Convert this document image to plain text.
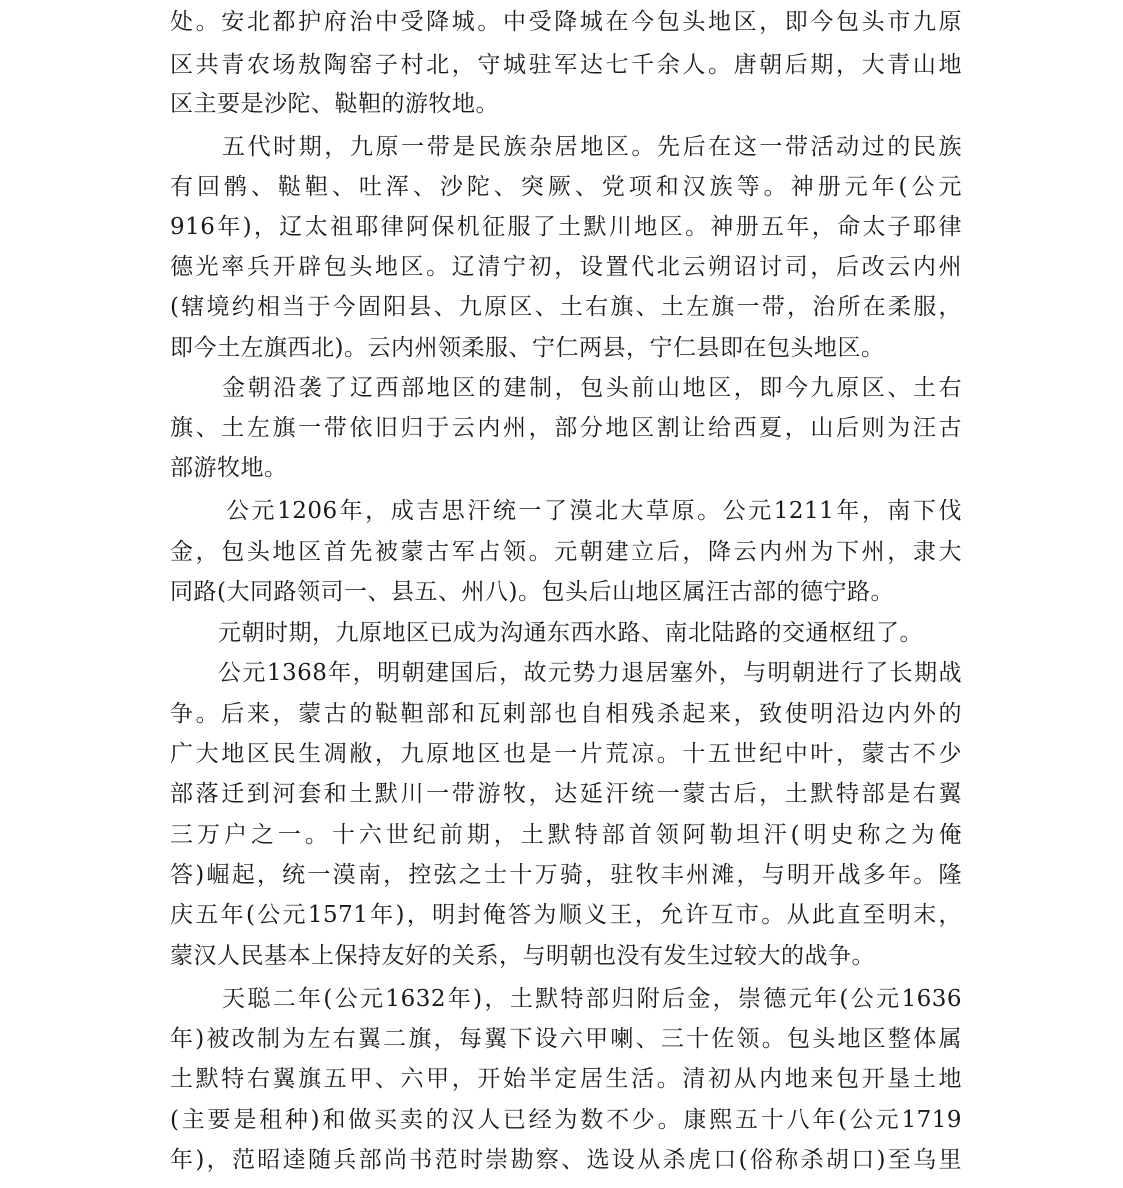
处。安北都护府治中受降城。中受降城在今包头地区，即今包头市九原
区共青农场敖陶窑子村北，守城驻军达七千余人。唐朝后期，大青山地
区主要是沙陀、鞑靼的游牧地。
五代时期，九原一带是民族杂居地区。先后在这一带活动过的民族
有回鹘、鞑靼、吐浑、沙陀、突厥、党项和汉族等。神册元年(公元
916年)，辽太祖耶律阿保机征服了土默川地区。神册五年，命太子耶律
德光率兵开辟包头地区。辽清宁初，设置代北云朔诏讨司，后改云内州
(辖境约相当于今固阳县、九原区、土右旗、土左旗一带，治所在柔服，
即今土左旗西北)。云内州领柔服、宁仁两县，宁仁县即在包头地区。
金朝沿袭了辽西部地区的建制，包头前山地区，即今九原区、土右
旗、土左旗一带依旧归于云内州，部分地区割让给西夏，山后则为汪古
部游牧地。
公元1206年，成吉思汗统一了漠北大草原。公元1211年，南下伐
金，包头地区首先被蒙古军占领。元朝建立后，降云内州为下州，隶大
同路(大同路领司一、县五、州八)。包头后山地区属汪古部的德宁路。
元朝时期，九原地区已成为沟通东西水路、南北陆路的交通枢纽了。
公元1368年，明朝建国后，故元势力退居塞外，与明朝进行了长期战
争。后来，蒙古的鞑靼部和瓦剌部也自相残杀起来，致使明沿边内外的
广大地区民生凋敝，九原地区也是一片荒凉。十五世纪中叶，蒙古不少
部落迁到河套和土默川一带游牧，达延汗统一蒙古后，土默特部是右翼
三万户之一。十六世纪前期，土默特部首领阿勒坦汗(明史称之为俺
答)崛起，统一漠南，控弦之士十万骑，驻牧丰州滩，与明开战多年。隆
庆五年(公元1571年)，明封俺答为顺义王，允许互市。从此直至明末，
蒙汉人民基本上保持友好的关系，与明朝也没有发生过较大的战争。
天聪二年(公元1632年)，土默特部归附后金，崇德元年(公元1636
年)被改制为左右翼二旗，每翼下设六甲喇、三十佐领。包头地区整体属
土默特右翼旗五甲、六甲，开始半定居生活。清初从内地来包开垦土地
(主要是租种)和做买卖的汉人已经为数不少。康熙五十八年(公元1719
年)，范昭逵随兵部尚书范时崇勘察、选设从杀虎口(俗称杀胡口)至乌里
